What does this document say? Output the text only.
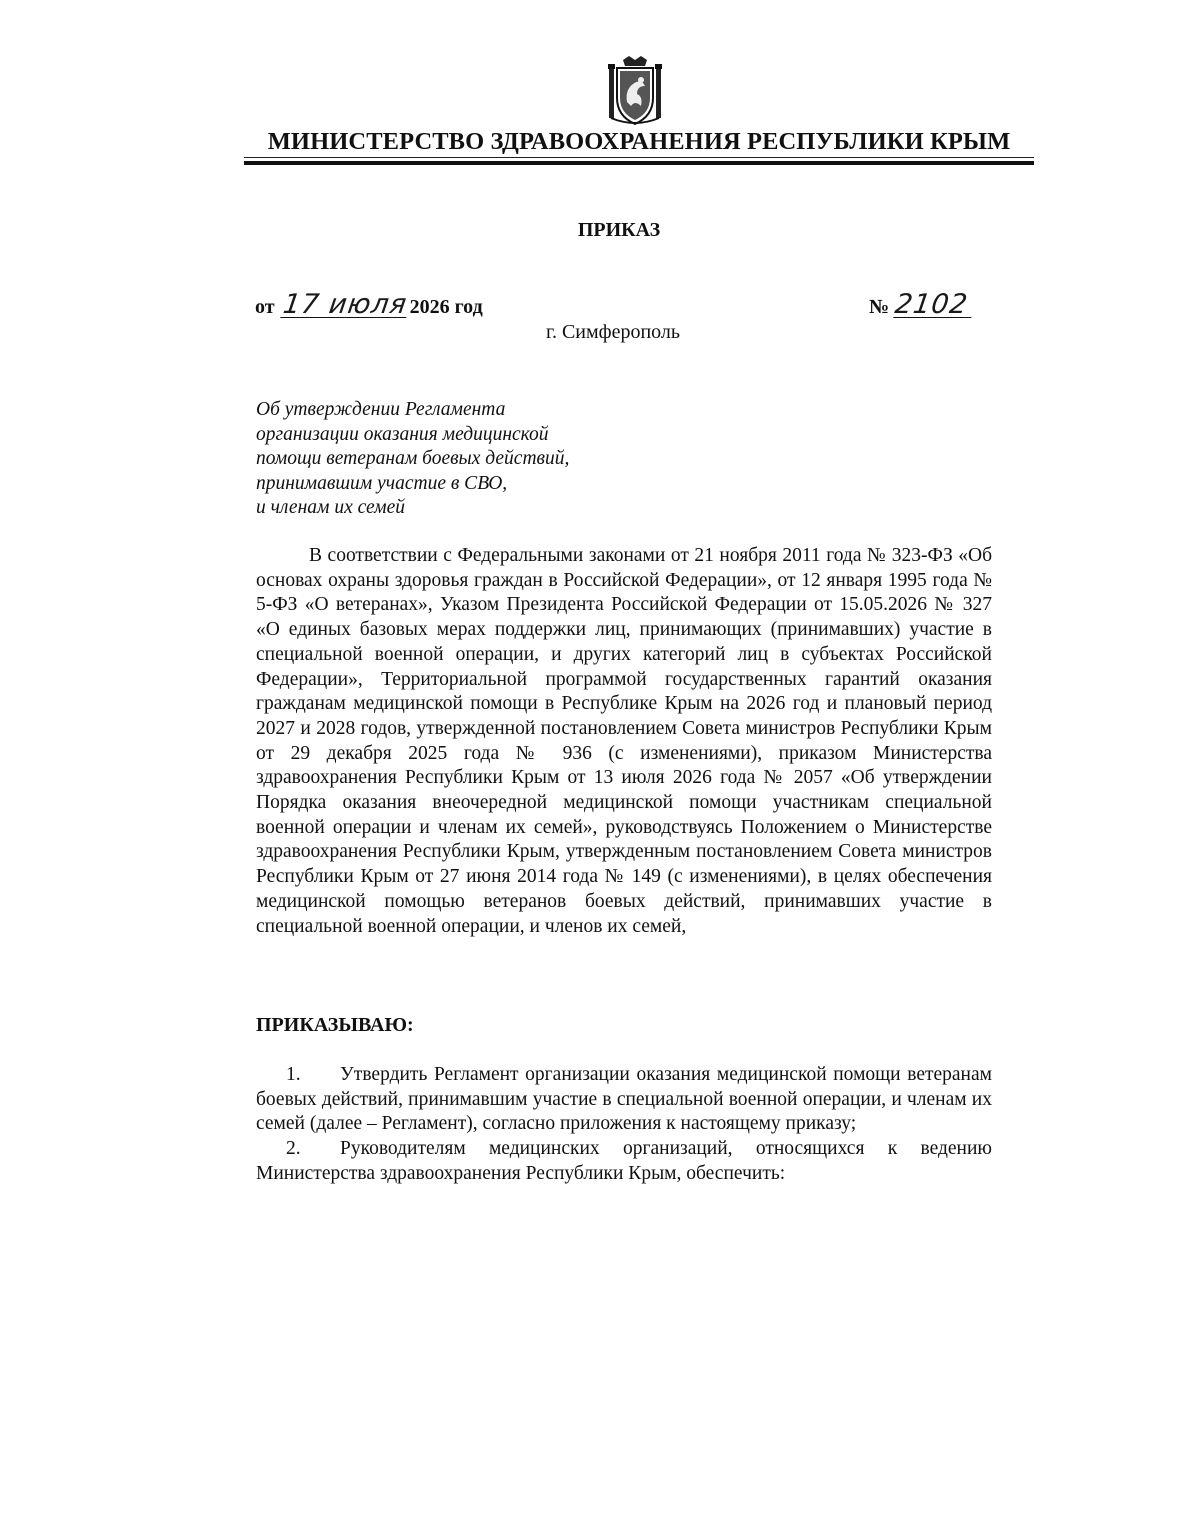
МИНИСТЕРСТВО ЗДРАВООХРАНЕНИЯ РЕСПУБЛИКИ КРЫМ
ПРИКАЗ
от 17 июля2026 год	№ 2102
г. Симферополь
Об утверждении Регламента
организации оказания медицинской
помощи ветеранам боевых действий,
принимавшим участие в СВО,
и членам их семей
В соответствии с Федеральными законами от 21 ноября 2011 года № 323-ФЗ «Об основах охраны здоровья граждан в Российской Федерации», от 12 января 1995 года № 5-ФЗ «О ветеранах», Указом Президента Российской Федерации от 15.05.2026 № 327 «О единых базовых мерах поддержки лиц, принимающих (принимавших) участие в специальной военной операции, и других категорий лиц в субъектах Российской Федерации», Территориальной программой государственных гарантий оказания гражданам медицинской помощи в Республике Крым на 2026 год и плановый период 2027 и 2028 годов, утвержденной постановлением Совета министров Республики Крым от 29 декабря 2025 года № 936 (с изменениями), приказом Министерства здравоохранения Республики Крым от 13 июля 2026 года № 2057 «Об утверждении Порядка оказания внеочередной медицинской помощи участникам специальной военной операции и членам их семей», руководствуясь Положением о Министерстве здравоохранения Республики Крым, утвержденным постановлением Совета министров Республики Крым от 27 июня 2014 года № 149 (с изменениями), в целях обеспечения медицинской помощью ветеранов боевых действий, принимавших участие в специальной военной операции, и членов их семей,
ПРИКАЗЫВАЮ:
1. Утвердить Регламент организации оказания медицинской помощи ветеранам боевых действий, принимавшим участие в специальной военной операции, и членам их семей (далее – Регламент), согласно приложения к настоящему приказу;
2. Руководителям медицинских организаций, относящихся к ведению Министерства здравоохранения Республики Крым, обеспечить:
